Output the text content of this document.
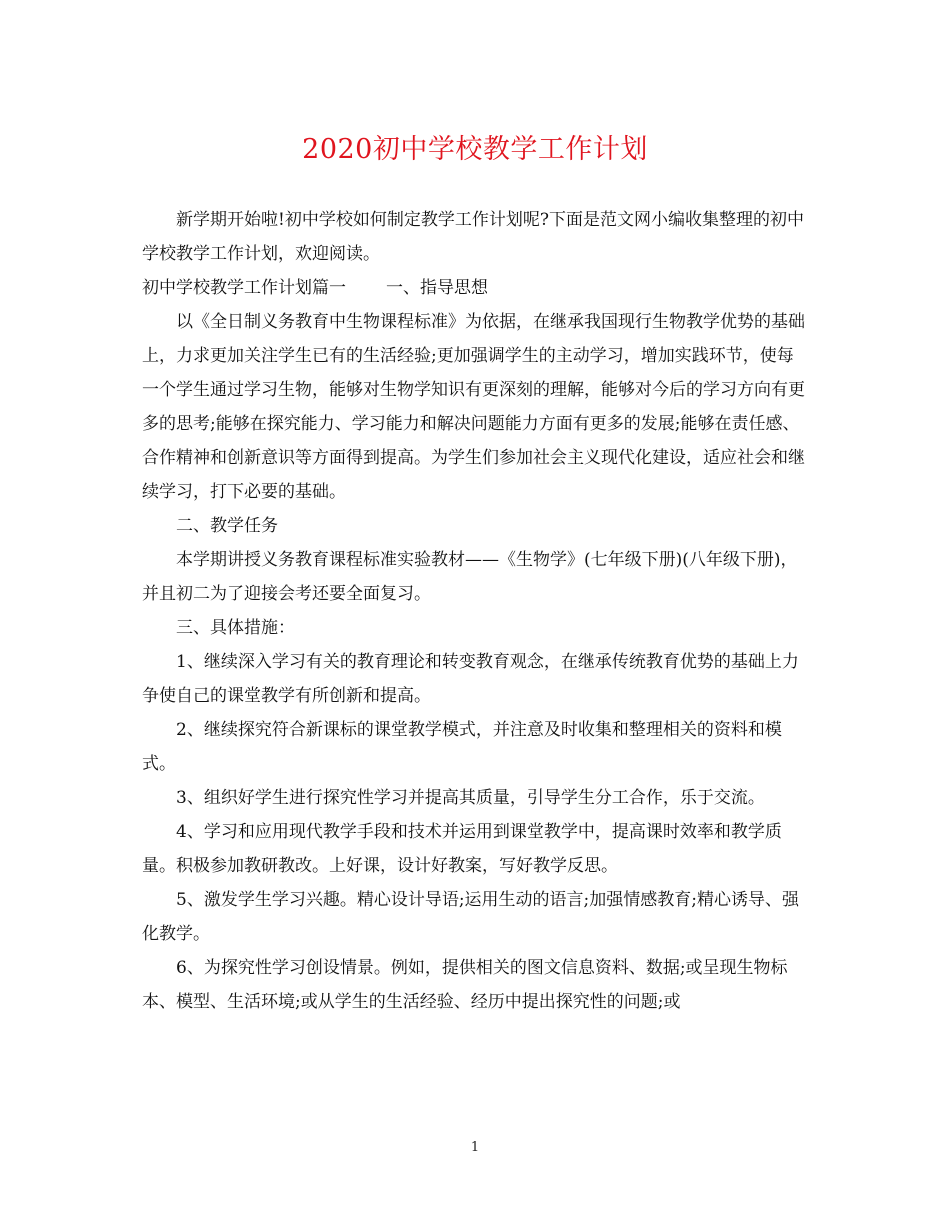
2020初中学校教学工作计划

新学期开始啦!初中学校如何制定教学工作计划呢?下面是范文网小编收集整理的初中学校教学工作计划，欢迎阅读。

初中学校教学工作计划篇一 一、指导思想

以《全日制义务教育中生物课程标准》为依据，在继承我国现行生物教学优势的基础上，力求更加关注学生已有的生活经验;更加强调学生的主动学习，增加实践环节，使每一个学生通过学习生物，能够对生物学知识有更深刻的理解，能够对今后的学习方向有更多的思考;能够在探究能力、学习能力和解决问题能力方面有更多的发展;能够在责任感、合作精神和创新意识等方面得到提高。为学生们参加社会主义现代化建设，适应社会和继续学习，打下必要的基础。

二、教学任务

本学期讲授义务教育课程标准实验教材——《生物学》(七年级下册)(八年级下册)，并且初二为了迎接会考还要全面复习。

三、具体措施：

1、继续深入学习有关的教育理论和转变教育观念，在继承传统教育优势的基础上力争使自己的课堂教学有所创新和提高。

2、继续探究符合新课标的课堂教学模式，并注意及时收集和整理相关的资料和模式。

3、组织好学生进行探究性学习并提高其质量，引导学生分工合作，乐于交流。

4、学习和应用现代教学手段和技术并运用到课堂教学中，提高课时效率和教学质量。积极参加教研教改。上好课，设计好教案，写好教学反思。

5、激发学生学习兴趣。精心设计导语;运用生动的语言;加强情感教育;精心诱导、强化教学。

6、为探究性学习创设情景。例如，提供相关的图文信息资料、数据;或呈现生物标本、模型、生活环境;或从学生的生活经验、经历中提出探究性的问题;或

1
